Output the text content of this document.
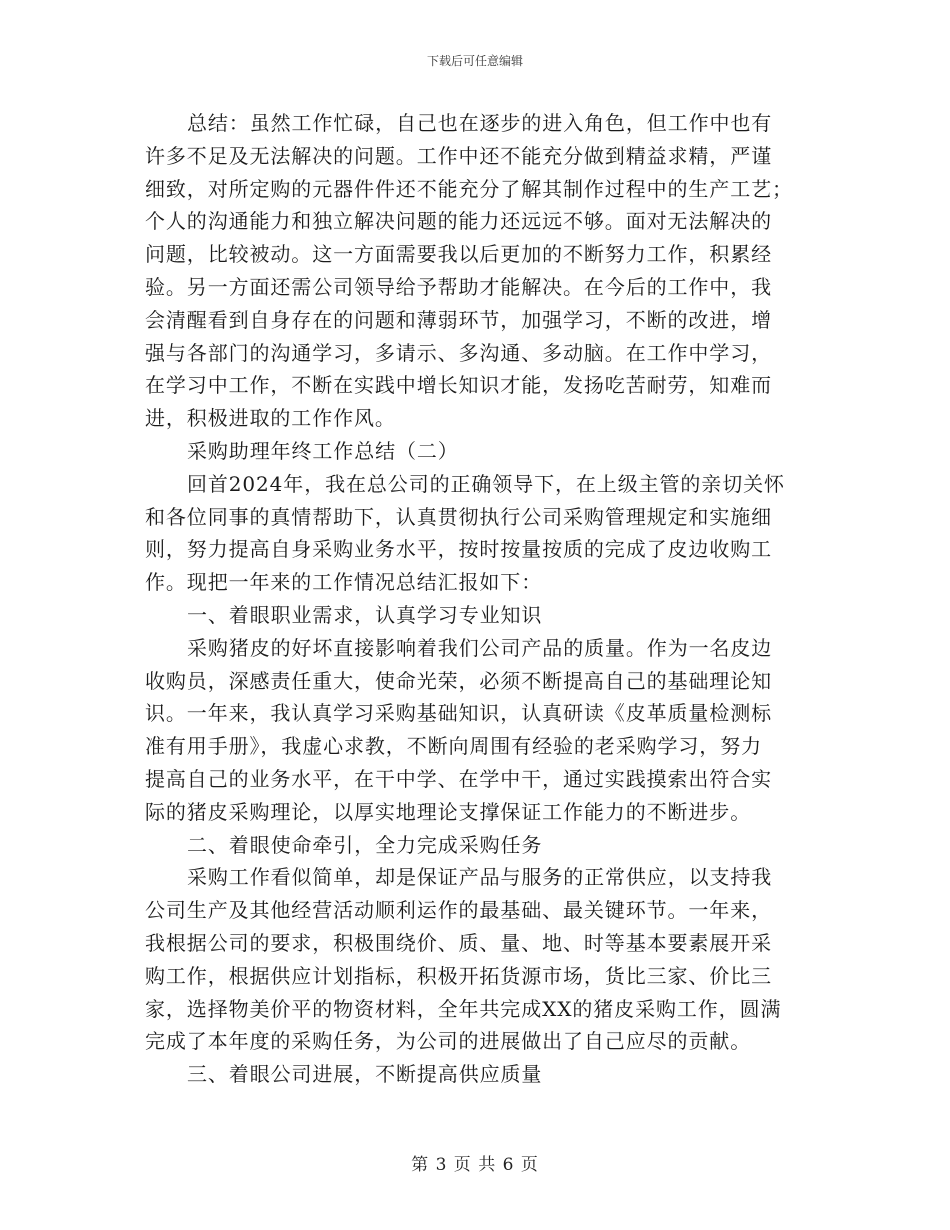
下载后可任意编辑
总结：虽然工作忙碌，自己也在逐步的进入角色，但工作中也有
许多不足及无法解决的问题。工作中还不能充分做到精益求精，严谨
细致，对所定购的元器件件还不能充分了解其制作过程中的生产工艺；
个人的沟通能力和独立解决问题的能力还远远不够。面对无法解决的
问题，比较被动。这一方面需要我以后更加的不断努力工作，积累经
验。另一方面还需公司领导给予帮助才能解决。在今后的工作中，我
会清醒看到自身存在的问题和薄弱环节，加强学习，不断的改进，增
强与各部门的沟通学习，多请示、多沟通、多动脑。在工作中学习，
在学习中工作，不断在实践中增长知识才能，发扬吃苦耐劳，知难而
进，积极进取的工作作风。
采购助理年终工作总结（二）
回首2024年，我在总公司的正确领导下，在上级主管的亲切关怀
和各位同事的真情帮助下，认真贯彻执行公司采购管理规定和实施细
则，努力提高自身采购业务水平，按时按量按质的完成了皮边收购工
作。现把一年来的工作情况总结汇报如下：
一、着眼职业需求，认真学习专业知识
采购猪皮的好坏直接影响着我们公司产品的质量。作为一名皮边
收购员，深感责任重大，使命光荣，必须不断提高自己的基础理论知
识。一年来，我认真学习采购基础知识，认真研读《皮革质量检测标
准有用手册》，我虚心求教，不断向周围有经验的老采购学习，努力
提高自己的业务水平，在干中学、在学中干，通过实践摸索出符合实
际的猪皮采购理论，以厚实地理论支撑保证工作能力的不断进步。
二、着眼使命牵引，全力完成采购任务
采购工作看似简单，却是保证产品与服务的正常供应，以支持我
公司生产及其他经营活动顺利运作的最基础、最关键环节。一年来，
我根据公司的要求，积极围绕价、质、量、地、时等基本要素展开采
购工作，根据供应计划指标，积极开拓货源市场，货比三家、价比三
家，选择物美价平的物资材料，全年共完成XX的猪皮采购工作，圆满
完成了本年度的采购任务，为公司的进展做出了自己应尽的贡献。
三、着眼公司进展，不断提高供应质量
第 3 页 共 6 页
